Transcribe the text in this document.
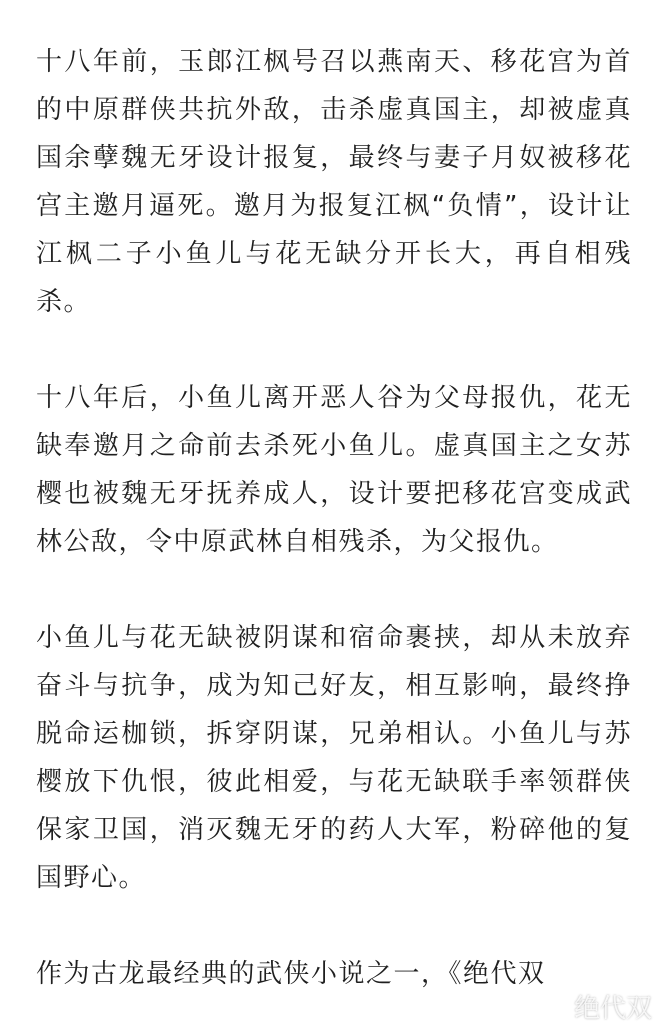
十八年前，玉郎江枫号召以燕南天、移花宫为首的中原群侠共抗外敌，击杀虚真国主，却被虚真国余孽魏无牙设计报复，最终与妻子月奴被移花宫主邀月逼死。邀月为报复江枫“负情”，设计让江枫二子小鱼儿与花无缺分开长大，再自相残杀。

十八年后，小鱼儿离开恶人谷为父母报仇，花无缺奉邀月之命前去杀死小鱼儿。虚真国主之女苏樱也被魏无牙抚养成人，设计要把移花宫变成武林公敌，令中原武林自相残杀，为父报仇。

小鱼儿与花无缺被阴谋和宿命裹挟，却从未放弃奋斗与抗争，成为知己好友，相互影响，最终挣脱命运枷锁，拆穿阴谋，兄弟相认。小鱼儿与苏樱放下仇恨，彼此相爱，与花无缺联手率领群侠保家卫国，消灭魏无牙的药人大军，粉碎他的复国野心。

作为古龙最经典的武侠小说之一，《绝代双

绝代双
